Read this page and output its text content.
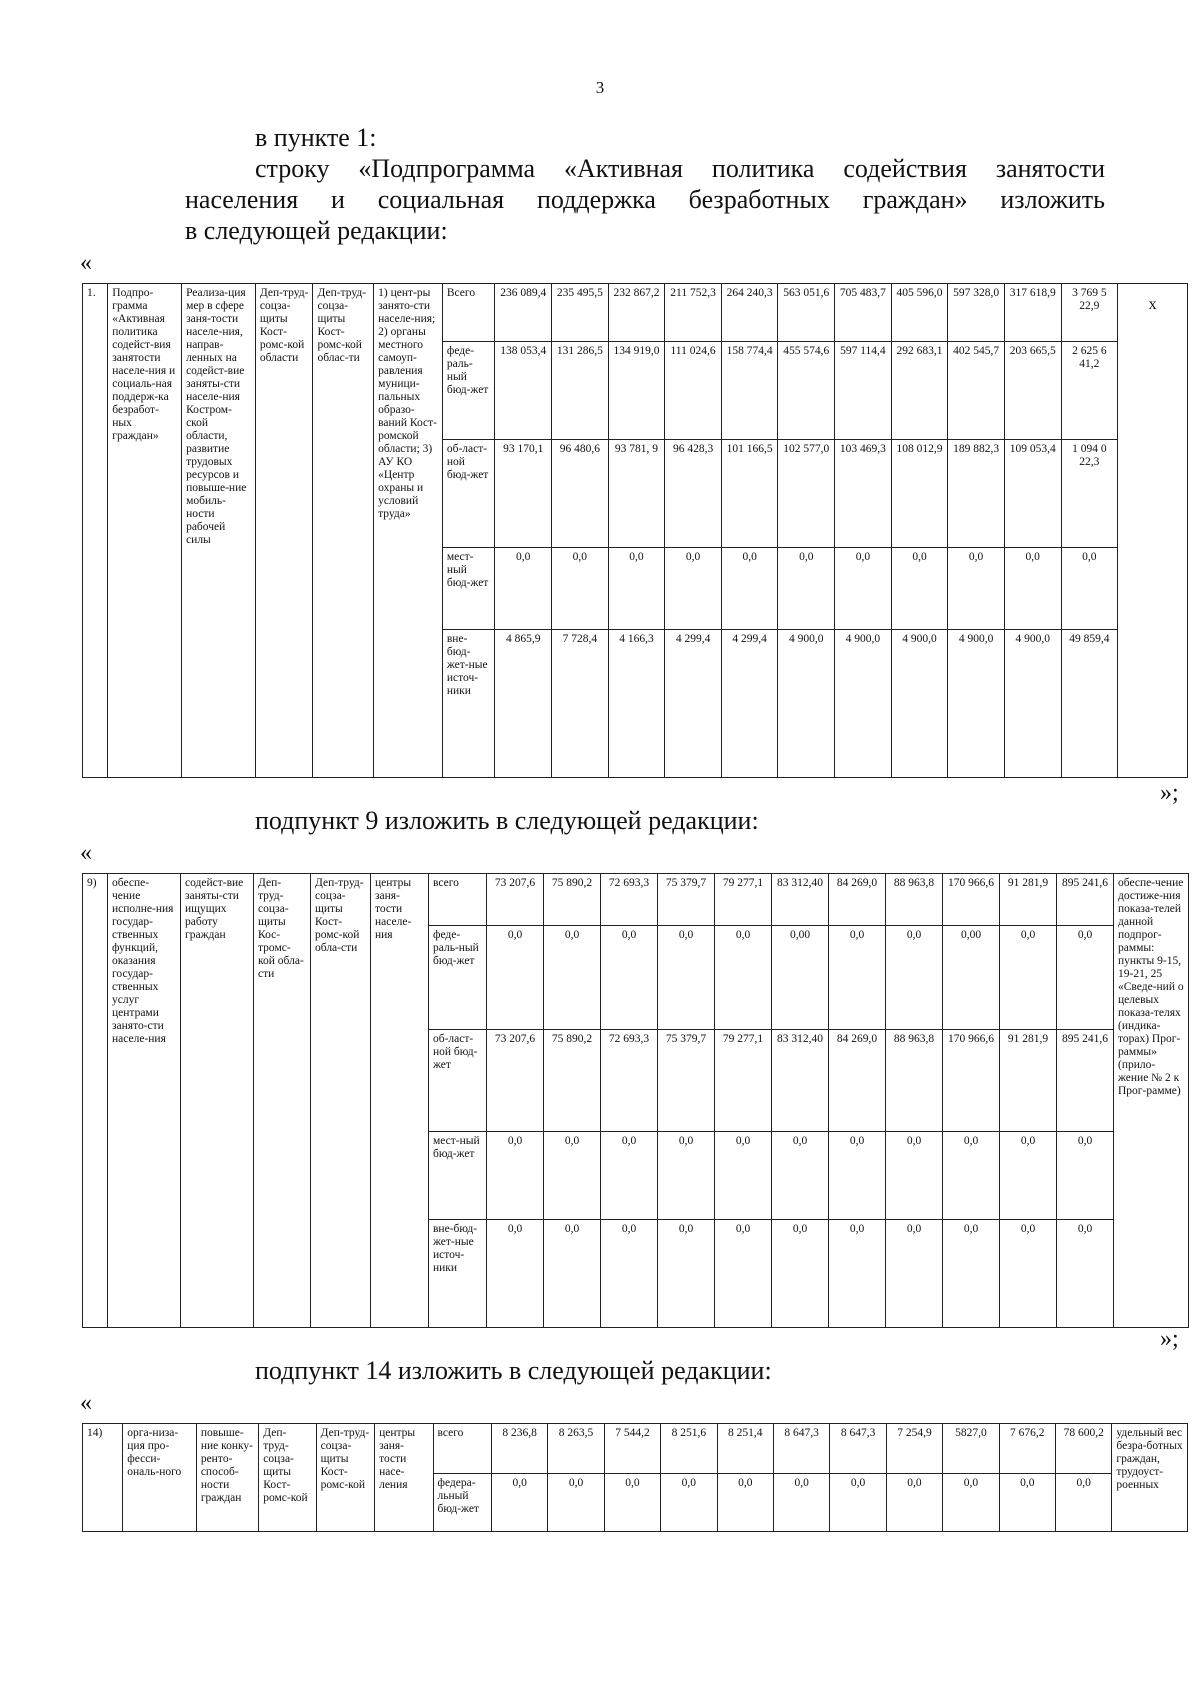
3
в пункте 1:
строку «Подпрограмма «Активная политика содействия занятости
населения и социальная поддержка безработных граждан» изложить
в следующей редакции:
«
1.	Подпро-грамма «Активная политика содейст-вия занятости населе-ния и социаль-ная поддерж-ка безработ-ных граждан»	Реализа-ция мер в сфере заня-тости населе-ния, направ-ленных на содейст-вие заняты-сти населе-ния Костром-ской области, развитие трудовых ресурсов и повыше-ние мобиль-ности рабочей силы	Деп-труд-соцза-щиты Кост-ромс-кой области	Деп-труд-соцза-щиты Кост-ромс-кой облас-ти	1) цент-ры занято-сти населе-ния; 2) органы местного самоуп-равления муници-пальных образо-ваний Кост-ромской области; 3) АУ КО «Центр охраны и условий труда»	Всего	236 089,4	235 495,5	232 867,2	211 752,3	264 240,3	563 051,6	705 483,7	405 596,0	597 328,0	317 618,9	3 769 5 22,9	x
						феде-раль-ный бюд-жет	138 053,4	131 286,5	134 919,0	111 024,6	158 774,4	455 574,6	597 114,4	292 683,1	402 545,7	203 665,5	2 625 6 41,2	
						об-ласт-ной бюд-жет	93 170,1	96 480,6	93 781, 9	96 428,3	101 166,5	102 577,0	103 469,3	108 012,9	189 882,3	109 053,4	1 094 0 22,3	
						мест-ный бюд-жет	0,0	0,0	0,0	0,0	0,0	0,0	0,0	0,0	0,0	0,0	0,0	
						вне-бюд-жет-ные источ-ники	4 865,9	7 728,4	4 166,3	4 299,4	4 299,4	4 900,0	4 900,0	4 900,0	4 900,0	4 900,0	49 859,4	
»;
подпункт 9 изложить в следующей редакции:
«
9)	обеспе-чение исполне-ния государ-ственных функций, оказания государ-ственных услуг центрами занято-сти населе-ния	содейст-вие заняты-сти ищущих работу граждан	Деп-труд-соцза-щиты Кос-тромс-кой обла-сти	Деп-труд-соцза-щиты Кост-ромс-кой обла-сти	центры заня-тости населе-ния	всего	73 207,6	75 890,2	72 693,3	75 379,7	79 277,1	83 312,40	84 269,0	88 963,8	170 966,6	91 281,9	895 241,6	обеспе-чение достиже-ния показа-телей данной подпрог-раммы: пункты 9-15, 19-21, 25 «Сведе-ний о целевых показа-телях (индика-торах) Прог-раммы» (прило-жение № 2 к Прог-рамме)
						феде-раль-ный бюд-жет	0,0	0,0	0,0	0,0	0,0	0,00	0,0	0,0	0,00	0,0	0,0	
						об-ласт-ной бюд-жет	73 207,6	75 890,2	72 693,3	75 379,7	79 277,1	83 312,40	84 269,0	88 963,8	170 966,6	91 281,9	895 241,6	
						мест-ный бюд-жет	0,0	0,0	0,0	0,0	0,0	0,0	0,0	0,0	0,0	0,0	0,0	
						вне-бюд-жет-ные источ-ники	0,0	0,0	0,0	0,0	0,0	0,0	0,0	0,0	0,0	0,0	0,0	
»;
подпункт 14 изложить в следующей редакции:
«
14)	орга-низа-ция про-фесси-ональ-ного	повыше-ние конку-рентo-способ-ности граждан	Деп-труд-соцза-щиты Кост-ромс-кой	Деп-труд-соцза-щиты Кост-ромс-кой	центры заня-тости насе-ления	всего	8 236,8	8 263,5	7 544,2	8 251,6	8 251,4	8 647,3	8 647,3	7 254,9	5827,0	7 676,2	78 600,2	удельный вес безра-ботных граждан, трудоуст-роенных
						федера-льный бюд-жет	0,0	0,0	0,0	0,0	0,0	0,0	0,0	0,0	0,0	0,0	0,0	
